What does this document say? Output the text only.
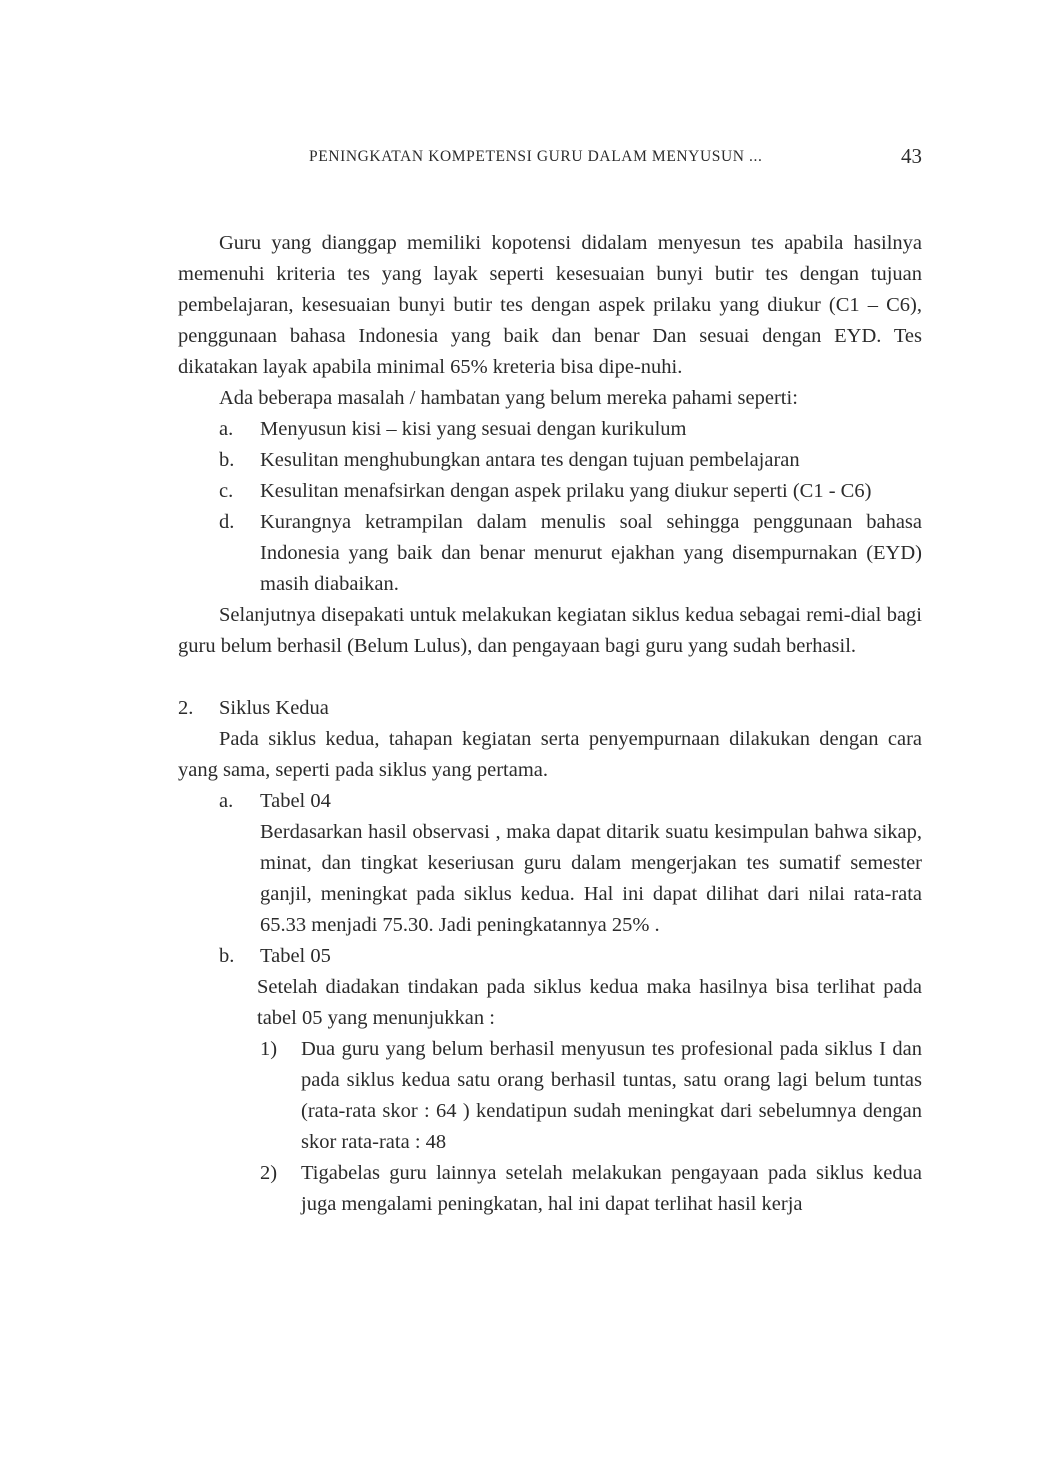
PENINGKATAN KOMPETENSI GURU DALAM MENYUSUN ...	43

Guru yang dianggap memiliki kopotensi didalam menyesun tes apabila hasilnya memenuhi kriteria tes yang layak seperti kesesuaian bunyi butir tes dengan tujuan pembelajaran, kesesuaian bunyi butir tes dengan aspek prilaku yang diukur (C1 – C6), penggunaan bahasa Indonesia yang baik dan benar Dan sesuai dengan EYD. Tes dikatakan layak apabila minimal 65% kreteria bisa dipe-nuhi.

Ada beberapa masalah / hambatan yang belum mereka pahami seperti:

a. Menyusun kisi – kisi yang sesuai dengan kurikulum
b. Kesulitan menghubungkan antara tes dengan tujuan pembelajaran
c. Kesulitan menafsirkan dengan aspek prilaku yang diukur seperti (C1 - C6)
d. Kurangnya ketrampilan dalam menulis soal sehingga penggunaan bahasa Indonesia yang baik dan benar menurut ejakhan yang disempurnakan (EYD) masih diabaikan.

Selanjutnya disepakati untuk melakukan kegiatan siklus kedua sebagai remi-dial bagi guru belum berhasil (Belum Lulus), dan pengayaan bagi guru yang sudah berhasil.

2. Siklus Kedua

Pada siklus kedua, tahapan kegiatan serta penyempurnaan dilakukan dengan cara yang sama, seperti pada siklus yang pertama.

a. Tabel 04

Berdasarkan hasil observasi , maka dapat ditarik suatu kesimpulan bahwa sikap, minat, dan tingkat keseriusan guru dalam mengerjakan tes sumatif semester ganjil, meningkat pada siklus kedua. Hal ini dapat dilihat dari nilai rata-rata 65.33 menjadi 75.30. Jadi peningkatannya 25% .

b. Tabel 05

Setelah diadakan tindakan pada siklus kedua maka hasilnya bisa terlihat pada tabel 05 yang menunjukkan :

1) Dua guru yang belum berhasil menyusun tes profesional pada siklus I dan pada siklus kedua satu orang berhasil tuntas, satu orang lagi belum tuntas (rata-rata skor : 64 ) kendatipun sudah meningkat dari sebelumnya dengan skor rata-rata : 48
2) Tigabelas guru lainnya setelah melakukan pengayaan pada siklus kedua juga mengalami peningkatan, hal ini dapat terlihat hasil kerja
